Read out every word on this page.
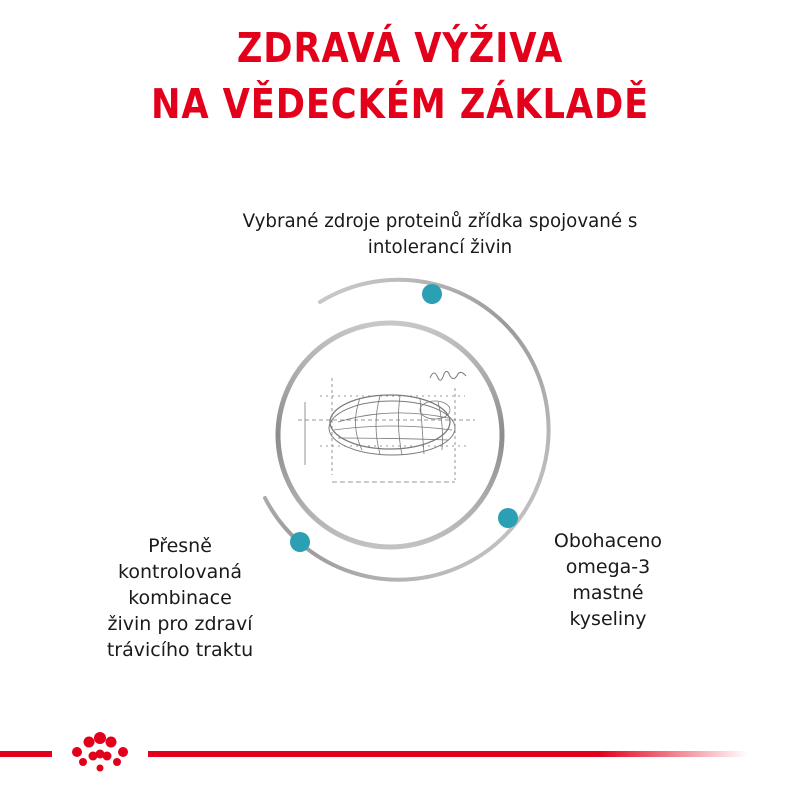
ZDRAVÁ VÝŽIVA
NA VĚDECKÉM ZÁKLADĚ
Vybrané zdroje proteinů zřídka spojované s
intolerancí živin
Přesně
kontrolovaná
kombinace
živin pro zdraví
trávicího traktu
Obohaceno
omega-3
mastné
kyseliny
